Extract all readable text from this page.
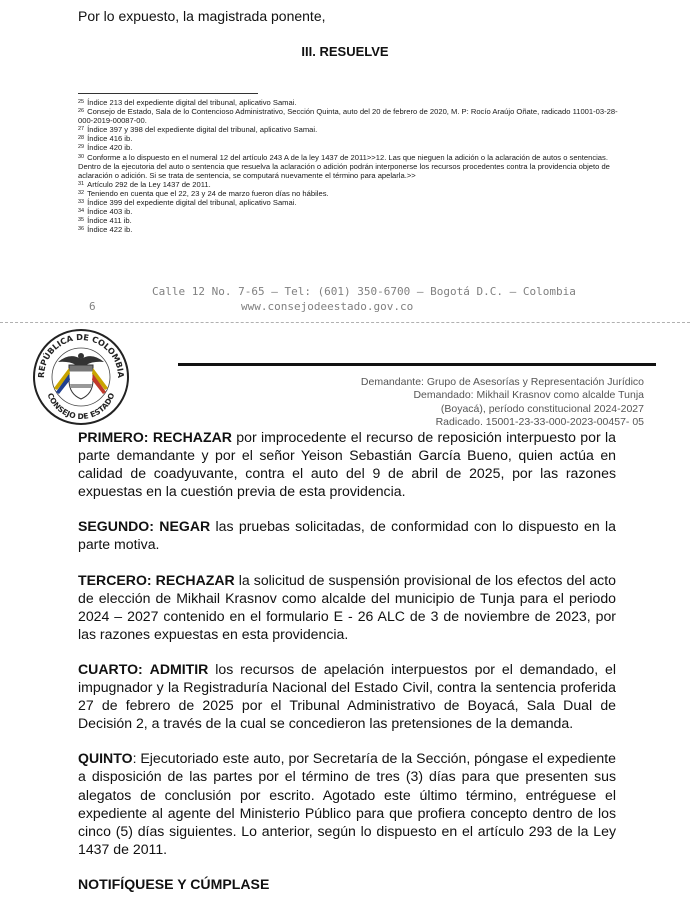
Por lo expuesto, la magistrada ponente,
III. RESUELVE
$^{25}$ Índice 213 del expediente digital del tribunal, aplicativo Samai.
$^{26}$ Consejo de Estado, Sala de lo Contencioso Administrativo, Sección Quinta, auto del 20 de febrero de 2020, M. P: Rocío Araújo Oñate, radicado 11001-03-28-000-2019-00087-00.
$^{27}$ Índice 397 y 398 del expediente digital del tribunal, aplicativo Samai.
$^{28}$ Índice 416 ib.
$^{29}$ Índice 420 ib.
$^{30}$ Conforme a lo dispuesto en el numeral 12 del artículo 243 A de la ley 1437 de 2011>>12. Las que nieguen la adición o la aclaración de autos o sentencias. Dentro de la ejecutoria del auto o sentencia que resuelva la aclaración o adición podrán interponerse los recursos procedentes contra la providencia objeto de aclaración o adición. Si se trata de sentencia, se computará nuevamente el término para apelarla.>>
$^{31}$ Artículo 292 de la Ley 1437 de 2011.
$^{32}$ Teniendo en cuenta que el 22, 23 y 24 de marzo fueron días no hábiles.
$^{33}$ Índice 399 del expediente digital del tribunal, aplicativo Samai.
$^{34}$ Índice 403 ib.
$^{35}$ Índice 411 ib.
$^{36}$ Índice 422 ib.
Calle 12 No. 7-65 – Tel: (601) 350-6700 – Bogotá D.C. – Colombia
6	www.consejodeestado.gov.co
REPÚBLICA DE COLOMBIA
CONSEJO DE ESTADO
Demandante: Grupo de Asesorías y Representación Jurídico
Demandado: Mikhail Krasnov como alcalde Tunja
(Boyacá), período constitucional 2024-2027
Radicado. 15001-23-33-000-2023-00457- 05

PRIMERO: RECHAZAR por improcedente el recurso de reposición interpuesto por la parte demandante y por el señor Yeison Sebastián García Bueno, quien actúa en calidad de coadyuvante, contra el auto del 9 de abril de 2025, por las razones expuestas en la cuestión previa de esta providencia.

SEGUNDO: NEGAR las pruebas solicitadas, de conformidad con lo dispuesto en la parte motiva.

TERCERO: RECHAZAR la solicitud de suspensión provisional de los efectos del acto de elección de Mikhail Krasnov como alcalde del municipio de Tunja para el periodo 2024 – 2027 contenido en el formulario E - 26 ALC de 3 de noviembre de 2023, por las razones expuestas en esta providencia.

CUARTO: ADMITIR los recursos de apelación interpuestos por el demandado, el impugnador y la Registraduría Nacional del Estado Civil, contra la sentencia proferida 27 de febrero de 2025 por el Tribunal Administrativo de Boyacá, Sala Dual de Decisión 2, a través de la cual se concedieron las pretensiones de la demanda.

QUINTO: Ejecutoriado este auto, por Secretaría de la Sección, póngase el expediente a disposición de las partes por el término de tres (3) días para que presenten sus alegatos de conclusión por escrito. Agotado este último término, entréguese el expediente al agente del Ministerio Público para que profiera concepto dentro de los cinco (5) días siguientes. Lo anterior, según lo dispuesto en el artículo 293 de la Ley 1437 de 2011.

NOTIFÍQUESE Y CÚMPLASE
